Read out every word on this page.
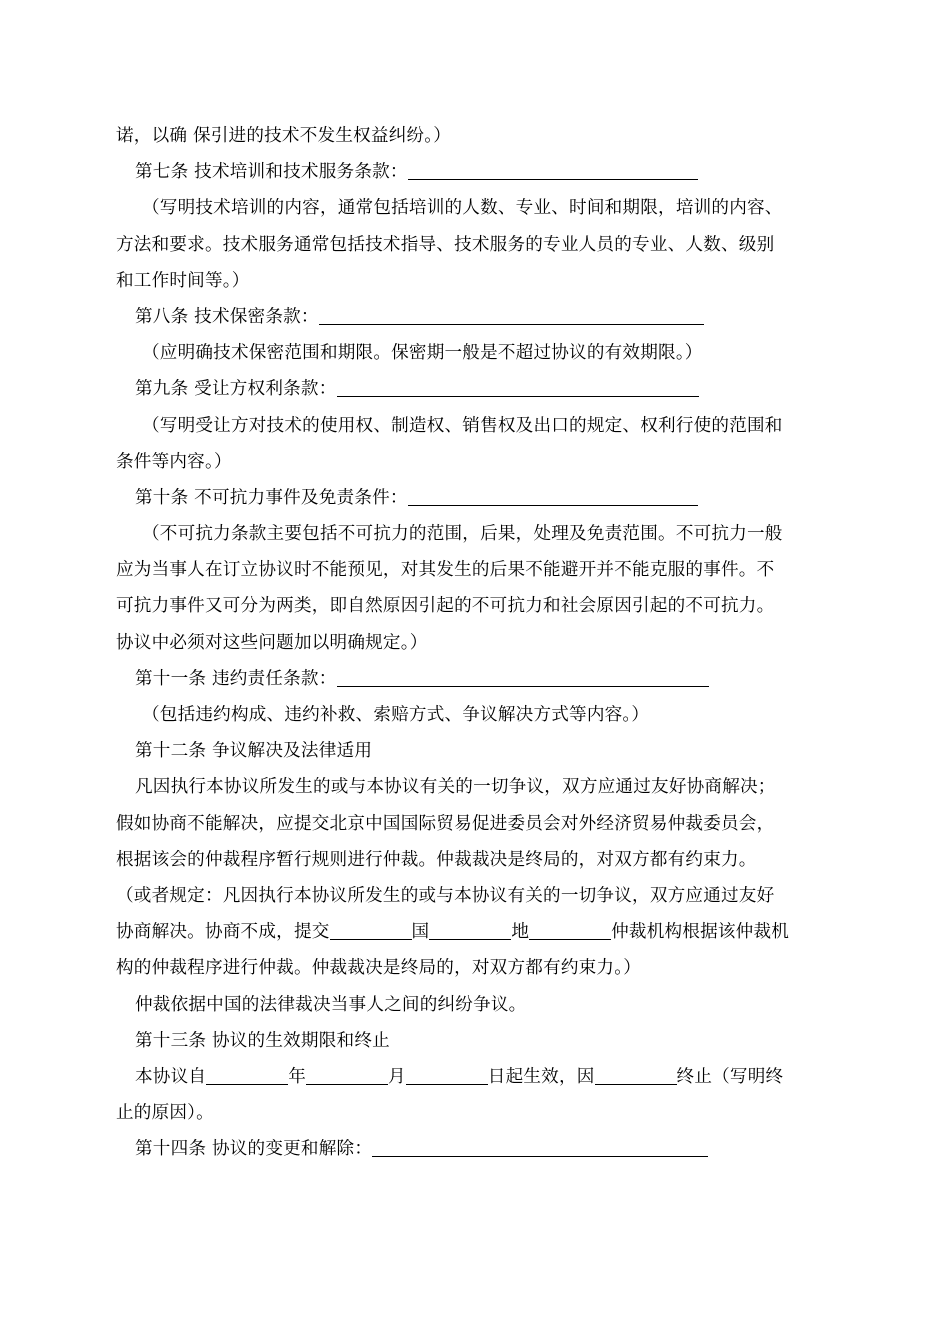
诺，以确 保引进的技术不发生权益纠纷。）
第七条 技术培训和技术服务条款：
（写明技术培训的内容，通常包括培训的人数、专业、时间和期限，培训的内容、
方法和要求。技术服务通常包括技术指导、技术服务的专业人员的专业、人数、级别
和工作时间等。）
第八条 技术保密条款：
（应明确技术保密范围和期限。保密期一般是不超过协议的有效期限。）
第九条 受让方权利条款：
（写明受让方对技术的使用权、制造权、销售权及出口的规定、权利行使的范围和
条件等内容。）
第十条 不可抗力事件及免责条件：
（不可抗力条款主要包括不可抗力的范围，后果，处理及免责范围。不可抗力一般
应为当事人在订立协议时不能预见，对其发生的后果不能避开并不能克服的事件。不
可抗力事件又可分为两类，即自然原因引起的不可抗力和社会原因引起的不可抗力。
协议中必须对这些问题加以明确规定。）
第十一条 违约责任条款：
（包括违约构成、违约补救、索赔方式、争议解决方式等内容。）
第十二条 争议解决及法律适用
凡因执行本协议所发生的或与本协议有关的一切争议，双方应通过友好协商解决；
假如协商不能解决，应提交北京中国国际贸易促进委员会对外经济贸易仲裁委员会，
根据该会的仲裁程序暂行规则进行仲裁。仲裁裁决是终局的，对双方都有约束力。
（或者规定：凡因执行本协议所发生的或与本协议有关的一切争议，双方应通过友好
协商解决。协商不成，提交	国	地	仲裁机构根据该仲裁机
构的仲裁程序进行仲裁。仲裁裁决是终局的，对双方都有约束力。）
仲裁依据中国的法律裁决当事人之间的纠纷争议。
第十三条 协议的生效期限和终止
本协议自	年	月	日起生效，因	终止（写明终
止的原因）。
第十四条 协议的变更和解除：
